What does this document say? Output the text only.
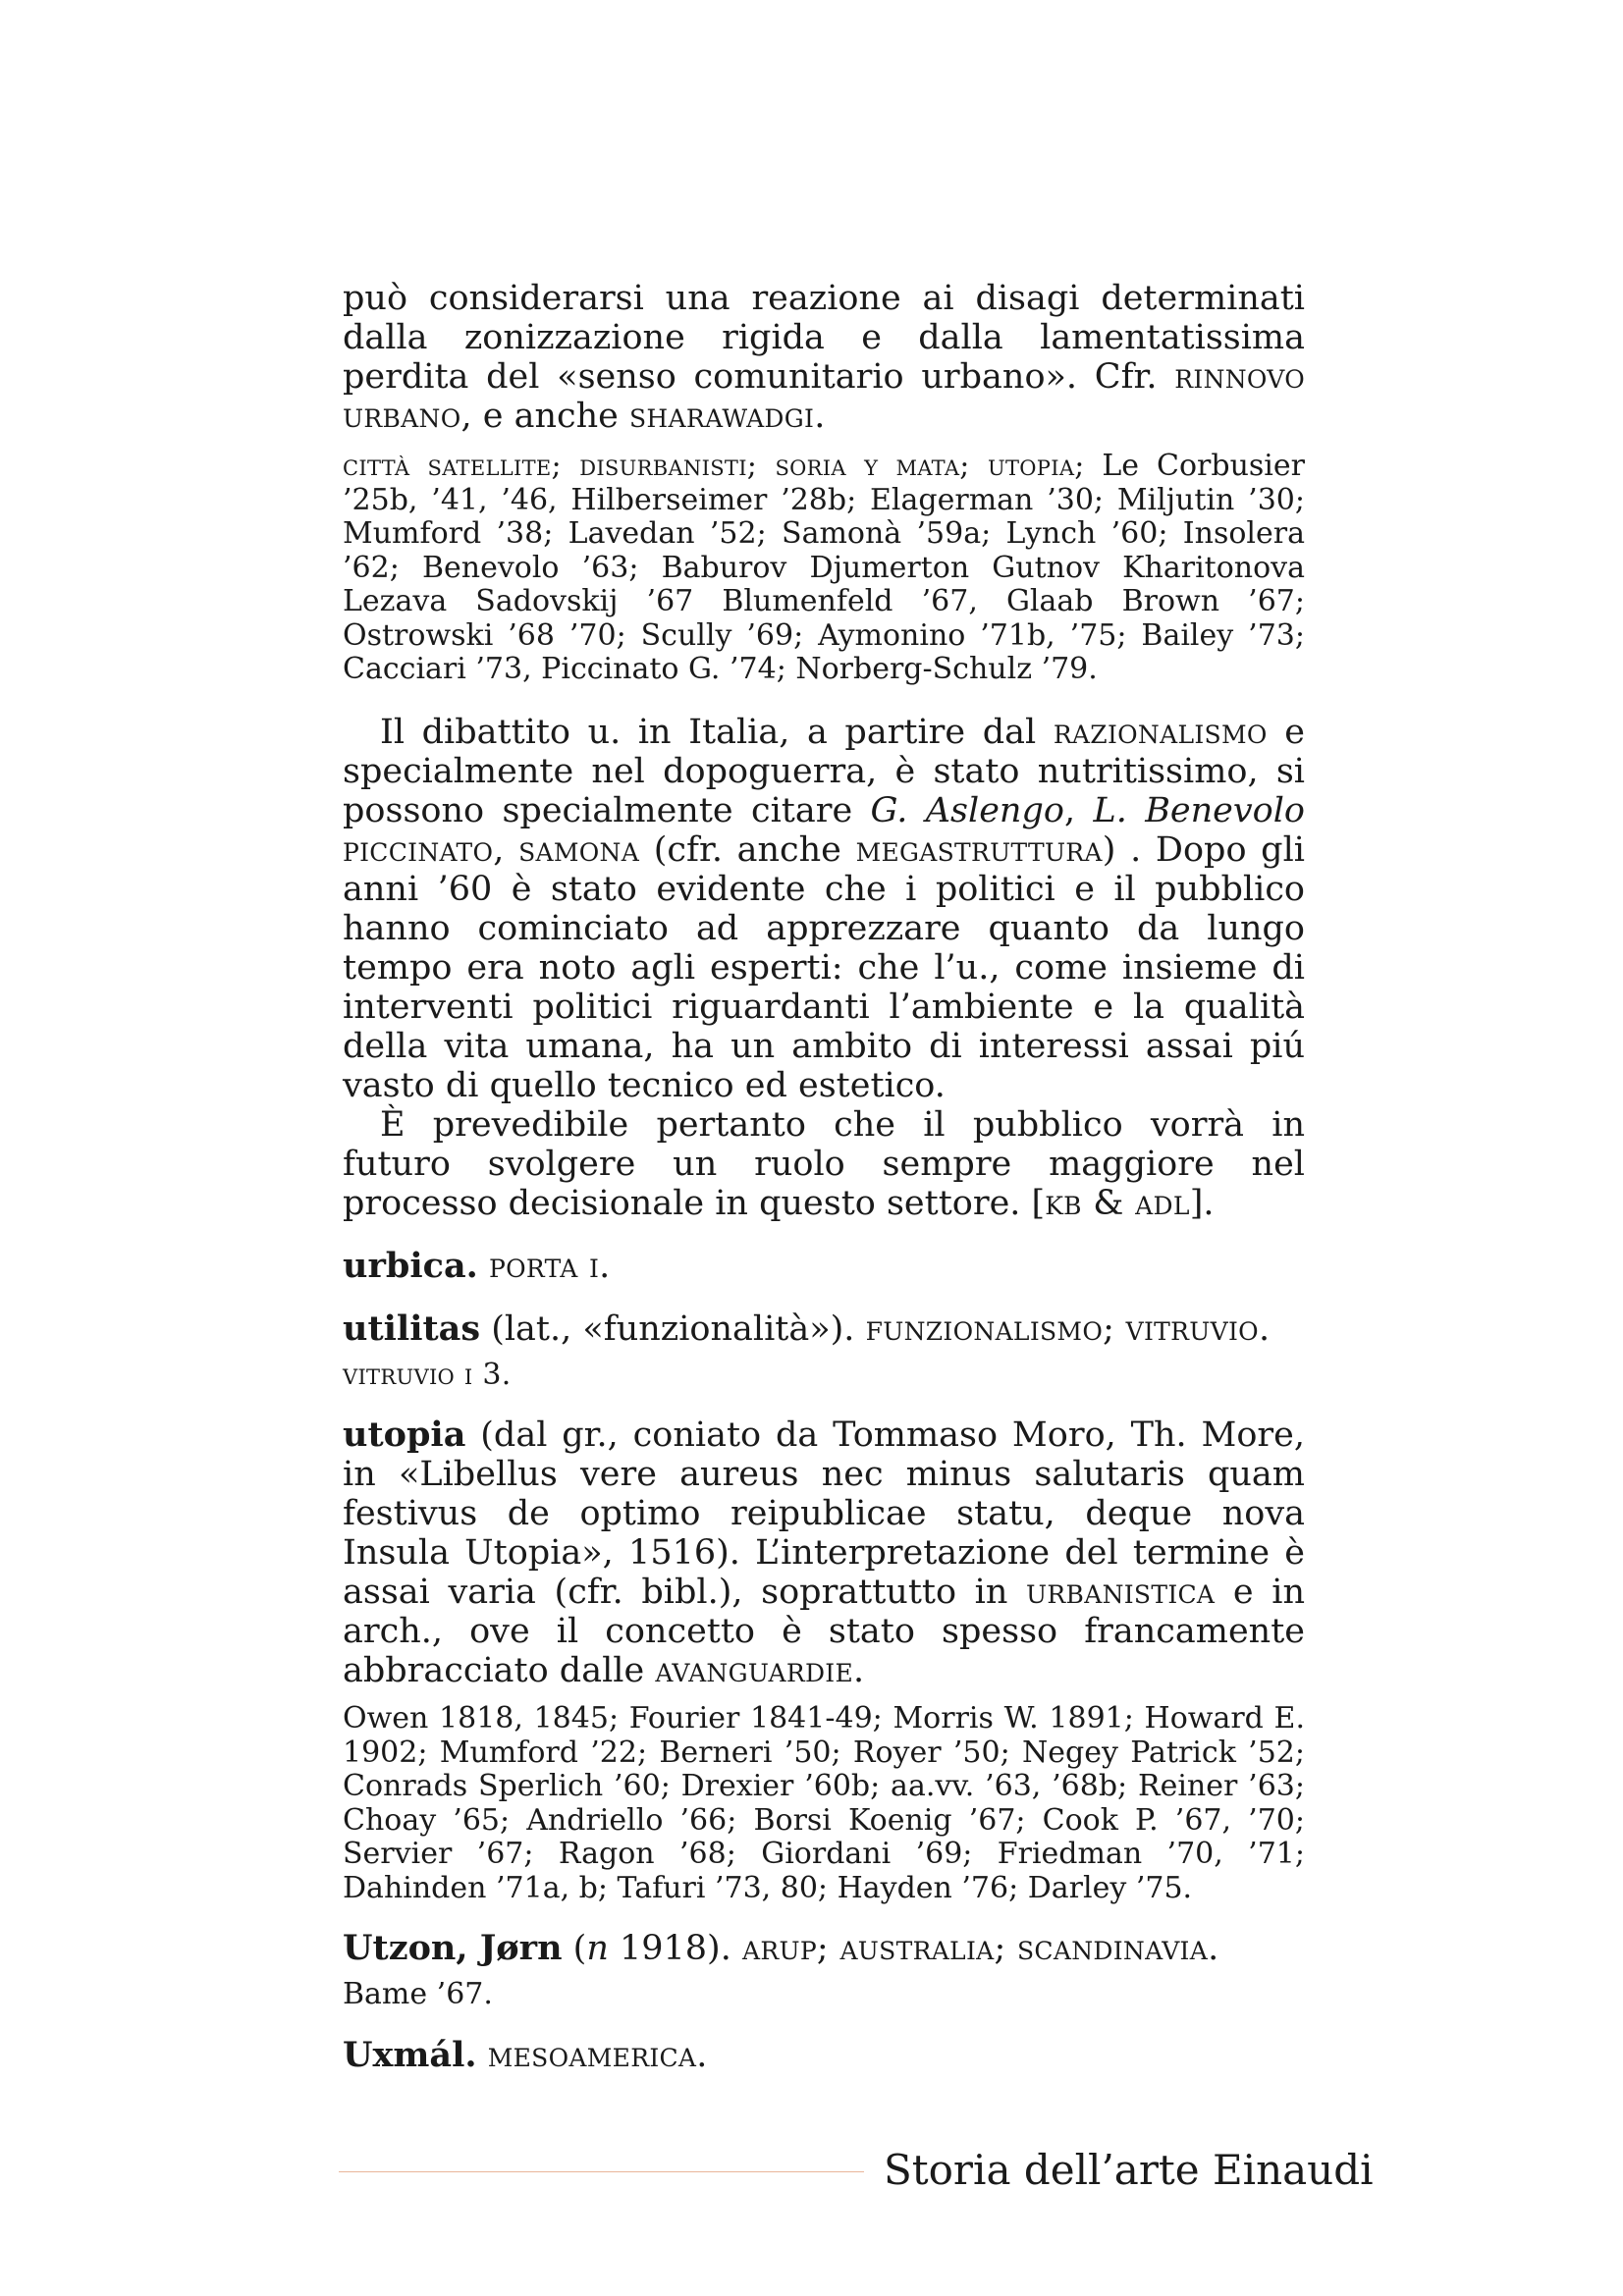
può considerarsi una reazione ai disagi determinati dalla zonizzazione rigida e dalla lamentatissima perdita del «senso comunitario urbano». Cfr. rinnovo urbano, e anche sharawadgi.

città satellite; disurbanisti; soria y mata; utopia; Le Corbusier ’25b, ’41, ’46, Hilberseimer ’28b; Elagerman ’30; Miljutin ’30; Mumford ’38; Lavedan ’52; Samonà ’59a; Lynch ’60; Insolera ’62; Benevolo ’63; Baburov Djumerton Gutnov Kharitonova Lezava Sadovskij ’67 Blumenfeld ’67, Glaab Brown ’67; Ostrowski ’68 ’70; Scully ’69; Aymonino ’71b, ’75; Bailey ’73; Cacciari ’73, Piccinato G. ’74; Norberg-Schulz ’79.

Il dibattito u. in Italia, a partire dal razionalismo e specialmente nel dopoguerra, è stato nutritissimo, si possono specialmente citare G. Aslengo, L. Benevolo piccinato, samona (cfr. anche megastruttura) . Dopo gli anni ’60 è stato evidente che i politici e il pubblico hanno cominciato ad apprezzare quanto da lungo tempo era noto agli esperti: che l’u., come insieme di interventi politici riguardanti l’ambiente e la qualità della vita umana, ha un ambito di interessi assai piú vasto di quello tecnico ed estetico.

È prevedibile pertanto che il pubblico vorrà in futuro svolgere un ruolo sempre maggiore nel processo decisionale in questo settore. [kb & adl].

urbica. porta i.

utilitas (lat., «funzionalità»). funzionalismo; vitruvio.

vitruvio i 3.

utopia (dal gr., coniato da Tommaso Moro, Th. More, in «Libellus vere aureus nec minus salutaris quam festivus de optimo reipublicae statu, deque nova Insula Utopia», 1516). L’interpretazione del termine è assai varia (cfr. bibl.), soprattutto in urbanistica e in arch., ove il concetto è stato spesso francamente abbracciato dalle avanguardie.

Owen 1818, 1845; Fourier 1841-49; Morris W. 1891; Howard E. 1902; Mumford ’22; Berneri ’50; Royer ’50; Negey Patrick ’52; Conrads Sperlich ’60; Drexier ’60b; aa.vv. ’63, ’68b; Reiner ’63; Choay ’65; Andriello ’66; Borsi Koenig ’67; Cook P. ’67, ’70; Servier ’67; Ragon ’68; Giordani ’69; Friedman ’70, ’71; Dahinden ’71a, b; Tafuri ’73, 80; Hayden ’76; Darley ’75.

Utzon, Jørn (n 1918). arup; australia; scandinavia.

Bame ’67.

Uxmál. mesoamerica.

Storia dell’arte Einaudi
